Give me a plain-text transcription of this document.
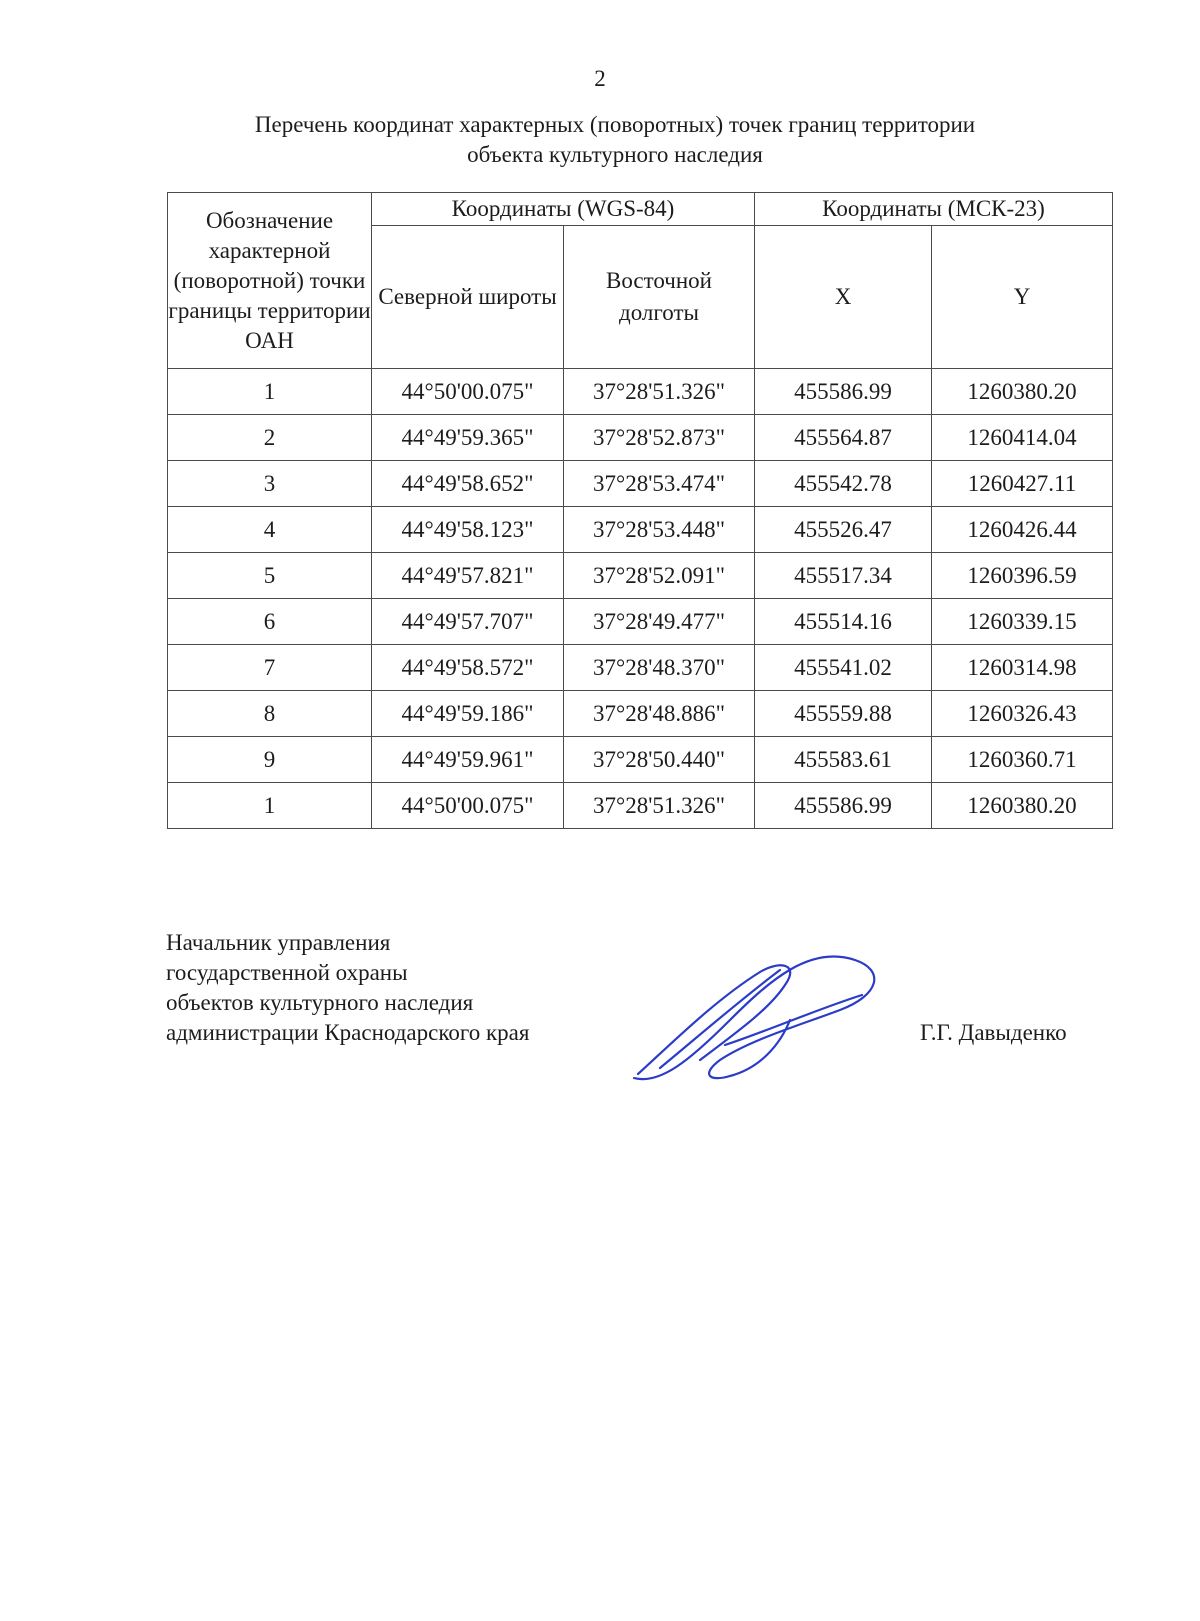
2
Перечень координат характерных (поворотных) точек границ территории
объекта культурного наследия
Обозначение характерной (поворотной) точки границы территории ОАН	Координаты (WGS-84)		Координаты (МСК-23)	
	Северной широты	Восточной долготы	X	Y
1	44°50'00.075"	37°28'51.326"	455586.99	1260380.20
2	44°49'59.365"	37°28'52.873"	455564.87	1260414.04
3	44°49'58.652"	37°28'53.474"	455542.78	1260427.11
4	44°49'58.123"	37°28'53.448"	455526.47	1260426.44
5	44°49'57.821"	37°28'52.091"	455517.34	1260396.59
6	44°49'57.707"	37°28'49.477"	455514.16	1260339.15
7	44°49'58.572"	37°28'48.370"	455541.02	1260314.98
8	44°49'59.186"	37°28'48.886"	455559.88	1260326.43
9	44°49'59.961"	37°28'50.440"	455583.61	1260360.71
1	44°50'00.075"	37°28'51.326"	455586.99	1260380.20
Начальник управления
государственной охраны
объектов культурного наследия
администрации Краснодарского края	Г.Г. Давыденко
